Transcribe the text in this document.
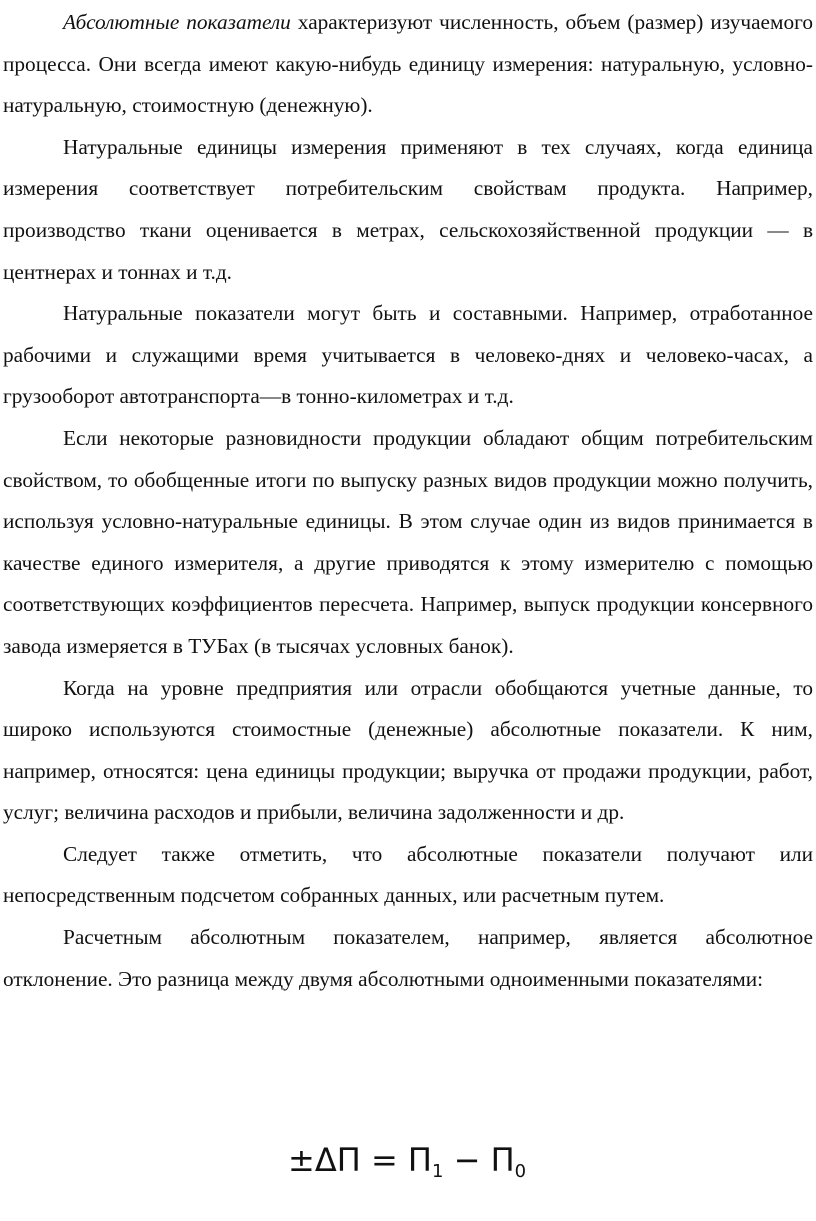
Абсолютные показатели характеризуют численность, объем (размер) изучаемого процесса. Они всегда имеют какую-нибудь единицу измерения: натуральную, условно-натуральную, стоимостную (денежную).

Натуральные единицы измерения применяют в тех случаях, когда единица измерения соответствует потребительским свойствам продукта. Например, производство ткани оценивается в метрах, сельскохозяйственной продукции — в центнерах и тоннах и т.д.

Натуральные показатели могут быть и составными. Например, отработанное рабочими и служащими время учитывается в человеко-днях и человеко-часах, а грузооборот автотранспорта—в тонно-километрах и т.д.

Если некоторые разновидности продукции обладают общим потребительским свойством, то обобщенные итоги по выпуску разных видов продукции можно получить, используя условно-натуральные единицы. В этом случае один из видов принимается в качестве единого измерителя, а другие приводятся к этому измерителю с помощью соответствующих коэффициентов пересчета. Например, выпуск продукции консервного завода измеряется в ТУБах (в тысячах условных банок).

Когда на уровне предприятия или отрасли обобщаются учетные данные, то широко используются стоимостные (денежные) абсолютные показатели. К ним, например, относятся: цена единицы продукции; выручка от продажи продукции, работ, услуг; величина расходов и прибыли, величина задолженности и др.

Следует также отметить, что абсолютные показатели получают или непосредственным подсчетом собранных данных, или расчетным путем.

Расчетным абсолютным показателем, например, является абсолютное отклонение. Это разница между двумя абсолютными одноименными показателями:

$\pm\Delta П = П_1 - П_0$
